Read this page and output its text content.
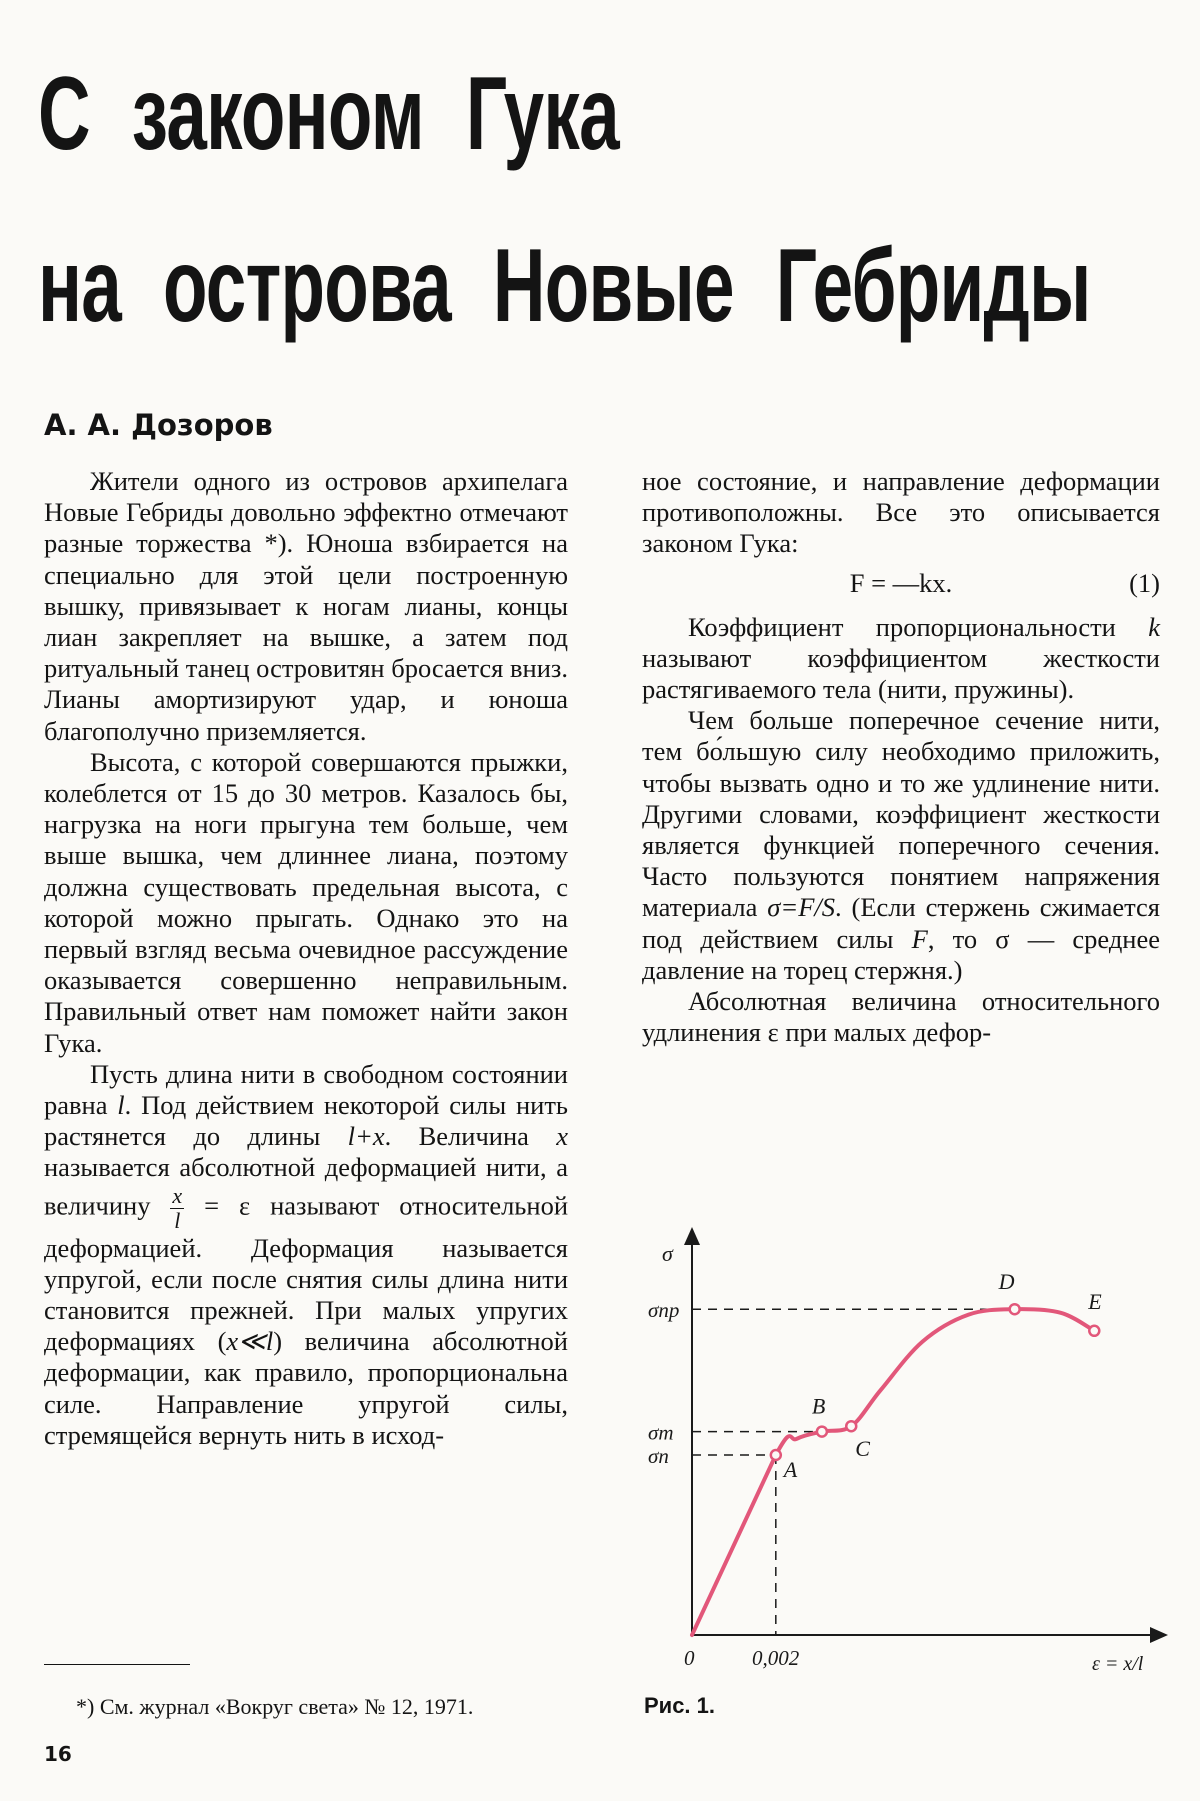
С законом Гука
на острова Новые Гебриды
А. А. Дозоров

Жители одного из островов архипелага Новые Гебриды довольно эффектно отмечают разные торжества *). Юноша взбирается на специально для этой цели построенную вышку, привязывает к ногам лианы, концы лиан закрепляет на вышке, а затем под ритуальный танец островитян бросается вниз. Лианы амортизируют удар, и юноша благополучно приземляется.

Высота, с которой совершаются прыжки, колеблется от 15 до 30 метров. Казалось бы, нагрузка на ноги прыгуна тем больше, чем выше вышка, чем длиннее лиана, поэтому должна существовать предельная высота, с которой можно прыгать. Однако это на первый взгляд весьма очевидное рассуждение оказывается совершенно неправильным. Правильный ответ нам поможет найти закон Гука.

Пусть длина нити в свободном состоянии равна l. Под действием некоторой силы нить растянется до длины l+x. Величина x называется абсолютной деформацией нити, а величину $\frac{x}{l} = \varepsilon$ называют относительной деформацией. Деформация называется упругой, если после снятия силы длина нити становится прежней. При малых упругих деформациях (x≪l) величина абсолютной деформации, как правило, пропорциональна силе. Направление упругой силы, стремящейся вернуть нить в исход-

ное состояние, и направление деформации противоположны. Все это описывается законом Гука:

F = —kx.	(1)

Коэффициент пропорциональности k называют коэффициентом жесткости растягиваемого тела (нити, пружины).

Чем больше поперечное сечение нити, тем бо́льшую силу необходимо приложить, чтобы вызвать одно и то же удлинение нити. Другими словами, коэффициент жесткости является функцией поперечного сечения. Часто пользуются понятием напряжения материала σ=F/S. (Если стержень сжимается под действием силы F, то σ — среднее давление на торец стержня.)

Абсолютная величина относительного удлинения ε при малых дефор-

σ
ε = x/l
0	0,002
σп
σт
σпр
A
B
C
D
E
*) См. журнал «Вокруг света» № 12, 1971.
16
Рис. 1.
